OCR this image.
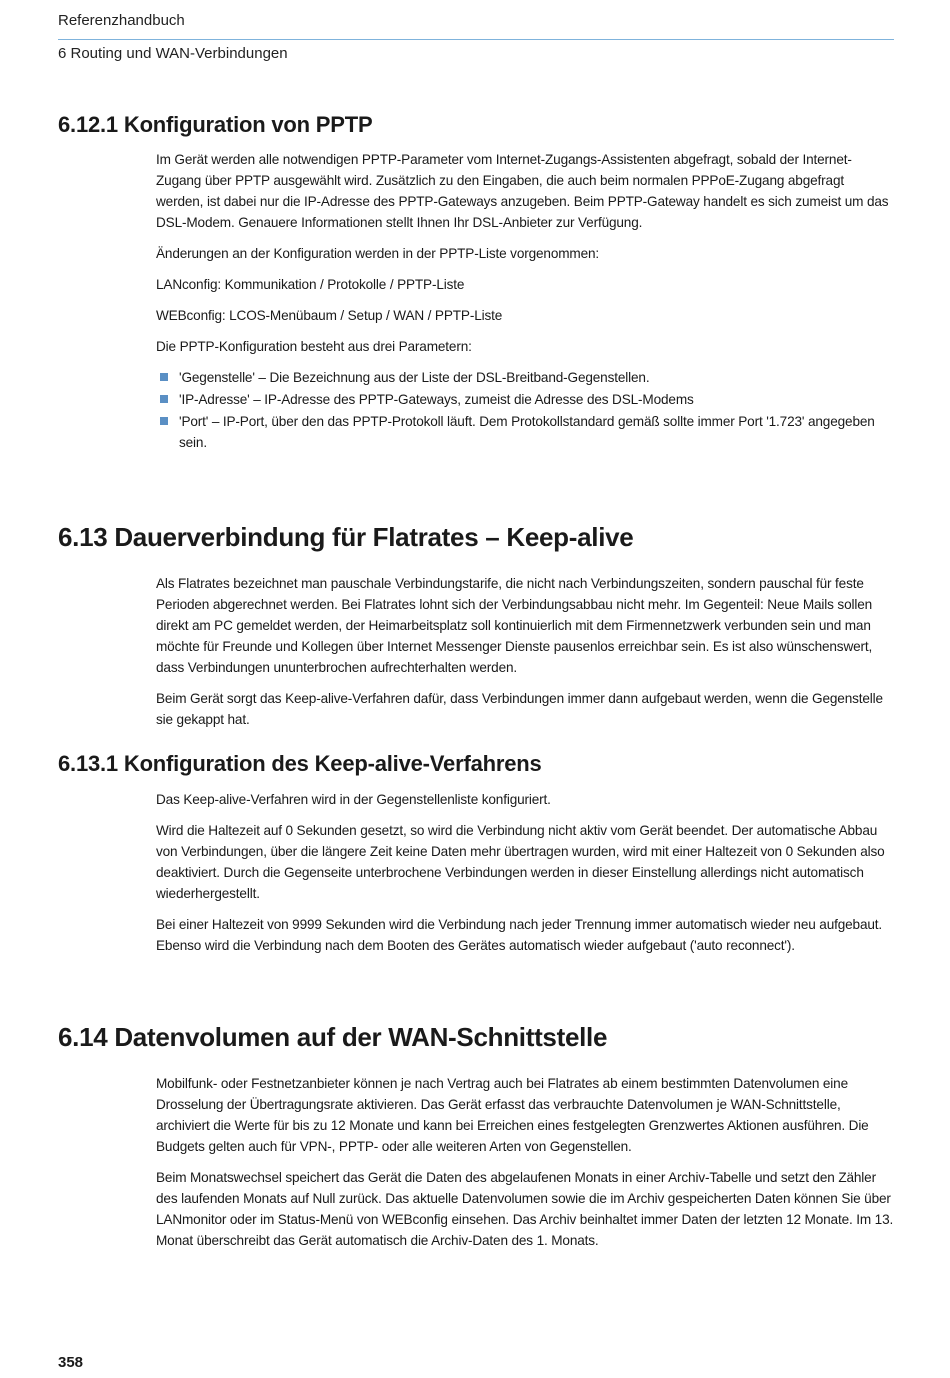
Referenzhandbuch
6 Routing und WAN-Verbindungen
6.12.1 Konfiguration von PPTP

Im Gerät werden alle notwendigen PPTP-Parameter vom Internet-Zugangs-Assistenten abgefragt, sobald der Internet-Zugang über PPTP ausgewählt wird. Zusätzlich zu den Eingaben, die auch beim normalen PPPoE-Zugang abgefragt werden, ist dabei nur die IP-Adresse des PPTP-Gateways anzugeben. Beim PPTP-Gateway handelt es sich zumeist um das DSL-Modem. Genauere Informationen stellt Ihnen Ihr DSL-Anbieter zur Verfügung.

Änderungen an der Konfiguration werden in der PPTP-Liste vorgenommen:

LANconfig: Kommunikation / Protokolle / PPTP-Liste

WEBconfig: LCOS-Menübaum / Setup / WAN / PPTP-Liste

Die PPTP-Konfiguration besteht aus drei Parametern:

'Gegenstelle' – Die Bezeichnung aus der Liste der DSL-Breitband-Gegenstellen.
'IP-Adresse' – IP-Adresse des PPTP-Gateways, zumeist die Adresse des DSL-Modems
'Port' – IP-Port, über den das PPTP-Protokoll läuft. Dem Protokollstandard gemäß sollte immer Port '1.723' angegeben sein.
6.13 Dauerverbindung für Flatrates – Keep-alive

Als Flatrates bezeichnet man pauschale Verbindungstarife, die nicht nach Verbindungszeiten, sondern pauschal für feste Perioden abgerechnet werden. Bei Flatrates lohnt sich der Verbindungsabbau nicht mehr. Im Gegenteil: Neue Mails sollen direkt am PC gemeldet werden, der Heimarbeitsplatz soll kontinuierlich mit dem Firmennetzwerk verbunden sein und man möchte für Freunde und Kollegen über Internet Messenger Dienste pausenlos erreichbar sein. Es ist also wünschenswert, dass Verbindungen ununterbrochen aufrechterhalten werden.

Beim Gerät sorgt das Keep-alive-Verfahren dafür, dass Verbindungen immer dann aufgebaut werden, wenn die Gegenstelle sie gekappt hat.

6.13.1 Konfiguration des Keep-alive-Verfahrens

Das Keep-alive-Verfahren wird in der Gegenstellenliste konfiguriert.

Wird die Haltezeit auf 0 Sekunden gesetzt, so wird die Verbindung nicht aktiv vom Gerät beendet. Der automatische Abbau von Verbindungen, über die längere Zeit keine Daten mehr übertragen wurden, wird mit einer Haltezeit von 0 Sekunden also deaktiviert. Durch die Gegenseite unterbrochene Verbindungen werden in dieser Einstellung allerdings nicht automatisch wiederhergestellt.

Bei einer Haltezeit von 9999 Sekunden wird die Verbindung nach jeder Trennung immer automatisch wieder neu aufgebaut. Ebenso wird die Verbindung nach dem Booten des Gerätes automatisch wieder aufgebaut ('auto reconnect').

6.14 Datenvolumen auf der WAN-Schnittstelle

Mobilfunk- oder Festnetzanbieter können je nach Vertrag auch bei Flatrates ab einem bestimmten Datenvolumen eine Drosselung der Übertragungsrate aktivieren. Das Gerät erfasst das verbrauchte Datenvolumen je WAN-Schnittstelle, archiviert die Werte für bis zu 12 Monate und kann bei Erreichen eines festgelegten Grenzwertes Aktionen ausführen. Die Budgets gelten auch für VPN-, PPTP- oder alle weiteren Arten von Gegenstellen.

Beim Monatswechsel speichert das Gerät die Daten des abgelaufenen Monats in einer Archiv-Tabelle und setzt den Zähler des laufenden Monats auf Null zurück. Das aktuelle Datenvolumen sowie die im Archiv gespeicherten Daten können Sie über LANmonitor oder im Status-Menü von WEBconfig einsehen. Das Archiv beinhaltet immer Daten der letzten 12 Monate. Im 13. Monat überschreibt das Gerät automatisch die Archiv-Daten des 1. Monats.

358
